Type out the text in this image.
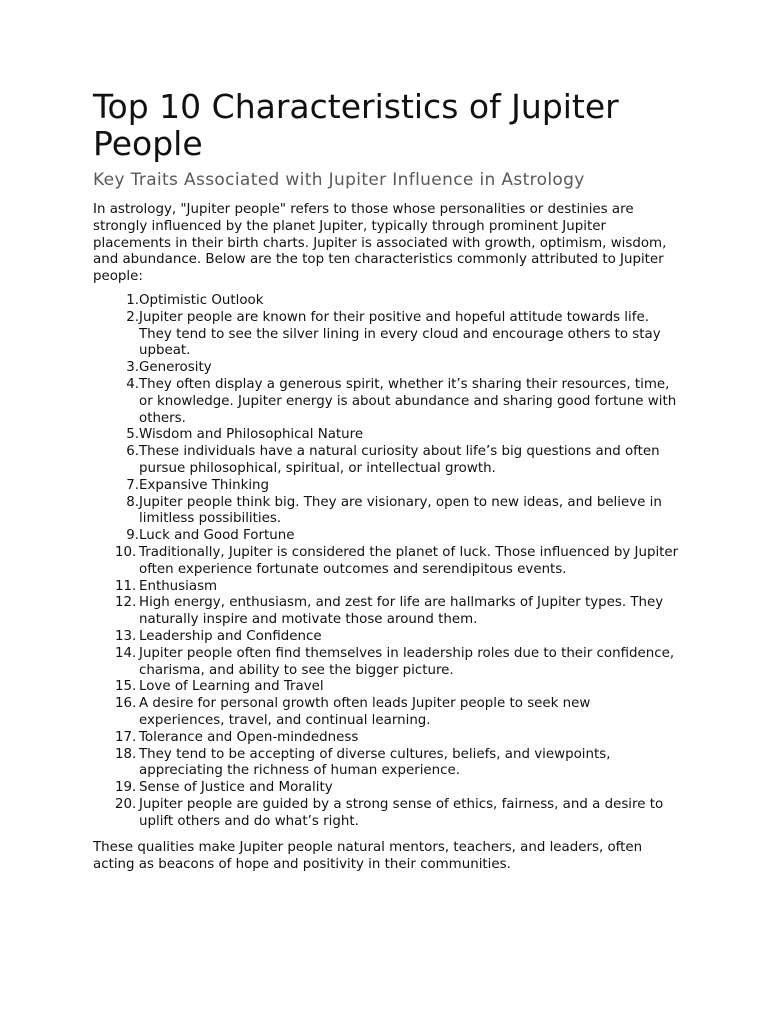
Top 10 Characteristics of Jupiter People
Key Traits Associated with Jupiter Influence in Astrology

In astrology, "Jupiter people" refers to those whose personalities or destinies are strongly influenced by the planet Jupiter, typically through prominent Jupiter placements in their birth charts. Jupiter is associated with growth, optimism, wisdom, and abundance. Below are the top ten characteristics commonly attributed to Jupiter people:

1. Optimistic Outlook
2. Jupiter people are known for their positive and hopeful attitude towards life. They tend to see the silver lining in every cloud and encourage others to stay upbeat.
3. Generosity
4. They often display a generous spirit, whether it’s sharing their resources, time, or knowledge. Jupiter energy is about abundance and sharing good fortune with others.
5. Wisdom and Philosophical Nature
6. These individuals have a natural curiosity about life’s big questions and often pursue philosophical, spiritual, or intellectual growth.
7. Expansive Thinking
8. Jupiter people think big. They are visionary, open to new ideas, and believe in limitless possibilities.
9. Luck and Good Fortune
10. Traditionally, Jupiter is considered the planet of luck. Those influenced by Jupiter often experience fortunate outcomes and serendipitous events.
11. Enthusiasm
12. High energy, enthusiasm, and zest for life are hallmarks of Jupiter types. They naturally inspire and motivate those around them.
13. Leadership and Confidence
14. Jupiter people often find themselves in leadership roles due to their confidence, charisma, and ability to see the bigger picture.
15. Love of Learning and Travel
16. A desire for personal growth often leads Jupiter people to seek new experiences, travel, and continual learning.
17. Tolerance and Open-mindedness
18. They tend to be accepting of diverse cultures, beliefs, and viewpoints, appreciating the richness of human experience.
19. Sense of Justice and Morality
20. Jupiter people are guided by a strong sense of ethics, fairness, and a desire to uplift others and do what’s right.

These qualities make Jupiter people natural mentors, teachers, and leaders, often acting as beacons of hope and positivity in their communities.
